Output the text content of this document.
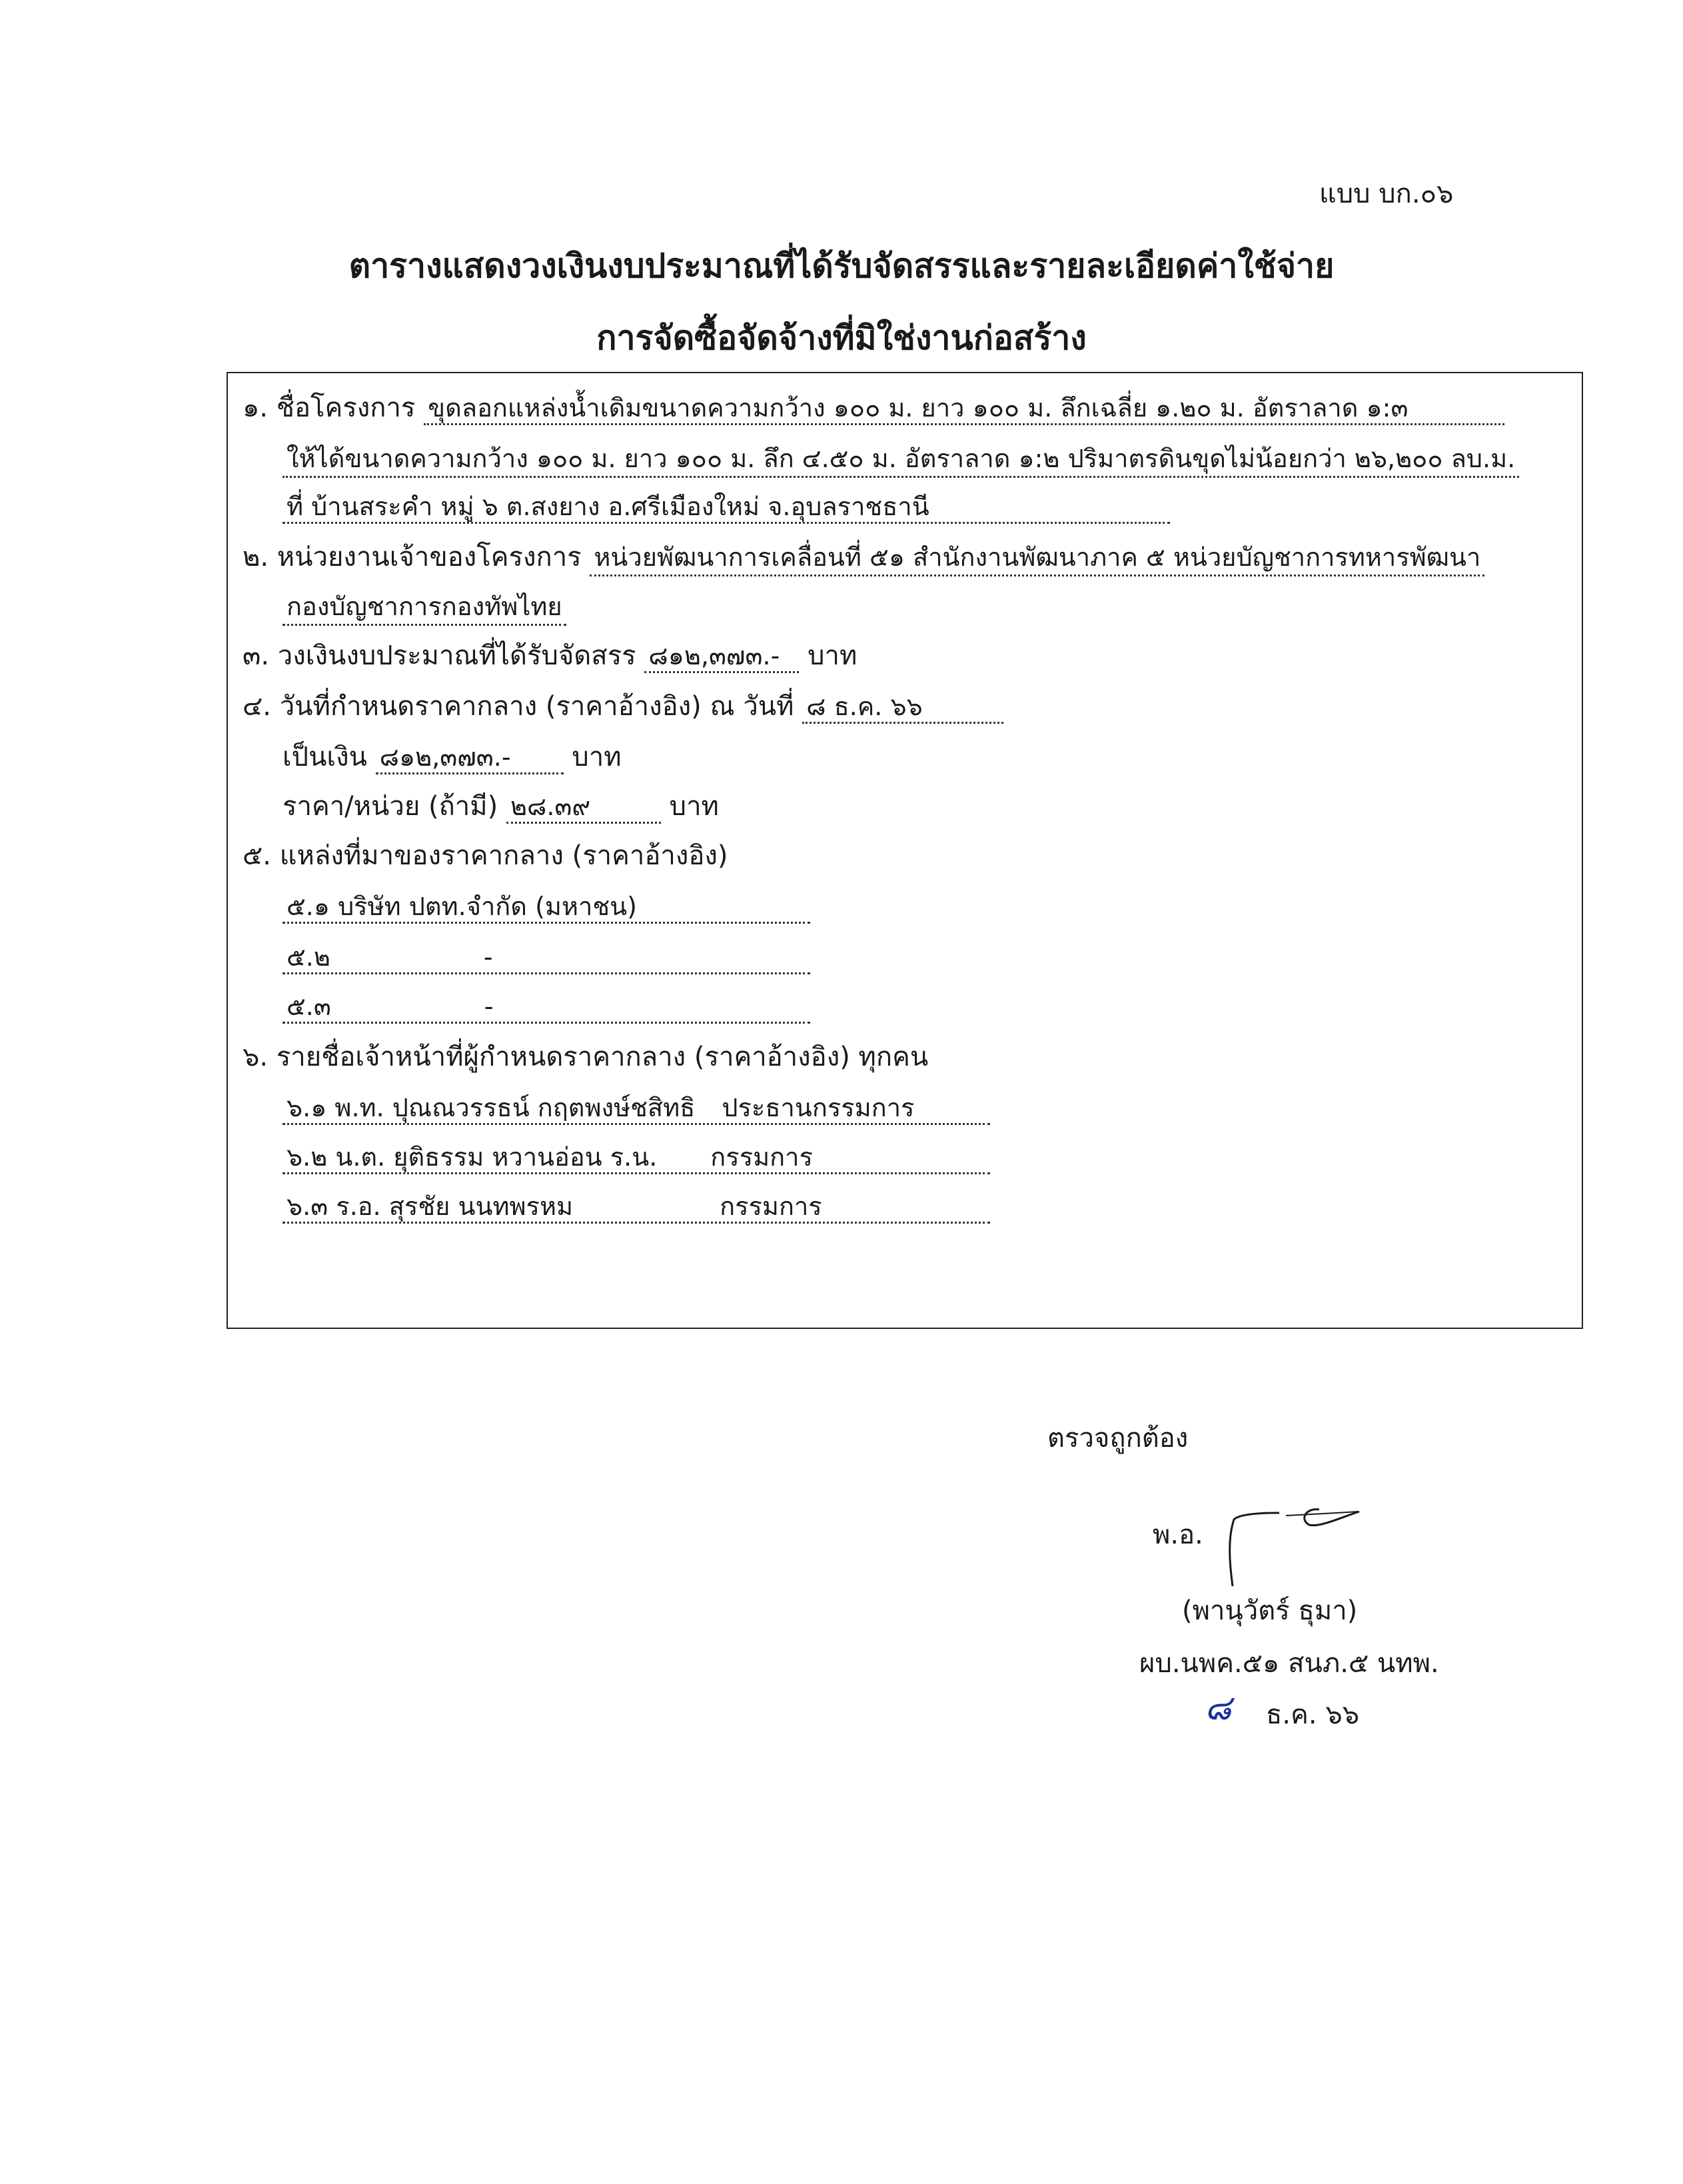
แบบ บก.๐๖
ตารางแสดงวงเงินงบประมาณที่ได้รับจัดสรรและรายละเอียดค่าใช้จ่าย
การจัดซื้อจัดจ้างที่มิใช่งานก่อสร้าง
๑. ชื่อโครงการ ขุดลอกแหล่งน้ำเดิมขนาดความกว้าง ๑๐๐ ม. ยาว ๑๐๐ ม. ลึกเฉลี่ย ๑.๒๐ ม. อัตราลาด ๑:๓
ให้ได้ขนาดความกว้าง ๑๐๐ ม. ยาว ๑๐๐ ม. ลึก ๔.๕๐ ม. อัตราลาด ๑:๒ ปริมาตรดินขุดไม่น้อยกว่า ๒๖,๒๐๐ ลบ.ม.
ที่ บ้านสระคำ หมู่ ๖ ต.สงยาง อ.ศรีเมืองใหม่ จ.อุบลราชธานี
๒. หน่วยงานเจ้าของโครงการ หน่วยพัฒนาการเคลื่อนที่ ๕๑ สำนักงานพัฒนาภาค ๕ หน่วยบัญชาการทหารพัฒนา
กองบัญชาการกองทัพไทย
๓. วงเงินงบประมาณที่ได้รับจัดสรร ๘๑๒,๓๗๓.- บาท
๔. วันที่กำหนดราคากลาง (ราคาอ้างอิง) ณ วันที่ ๘ ธ.ค. ๖๖
เป็นเงิน ๘๑๒,๓๗๓.- บาท
ราคา/หน่วย (ถ้ามี) ๒๘.๓๙	บาท
๕. แหล่งที่มาของราคากลาง (ราคาอ้างอิง)
๕.๑ บริษัท ปตท.จำกัด (มหาชน)
๕.๒	-
๕.๓	-
๖. รายชื่อเจ้าหน้าที่ผู้กำหนดราคากลาง (ราคาอ้างอิง) ทุกคน
๖.๑ พ.ท. ปุณณวรรธน์ กฤตพงษ์ชสิทธิ ประธานกรรมการ
๖.๒ น.ต. ยุติธรรม หวานอ่อน ร.น. กรรมการ
๖.๓ ร.อ. สุรชัย นนทพรหม	กรรมการ
ตรวจถูกต้อง
พ.อ.
(พานุวัตร์ ธุมา)
ผบ.นพค.๕๑ สนภ.๕ นทพ.
๘ ธ.ค. ๖๖
